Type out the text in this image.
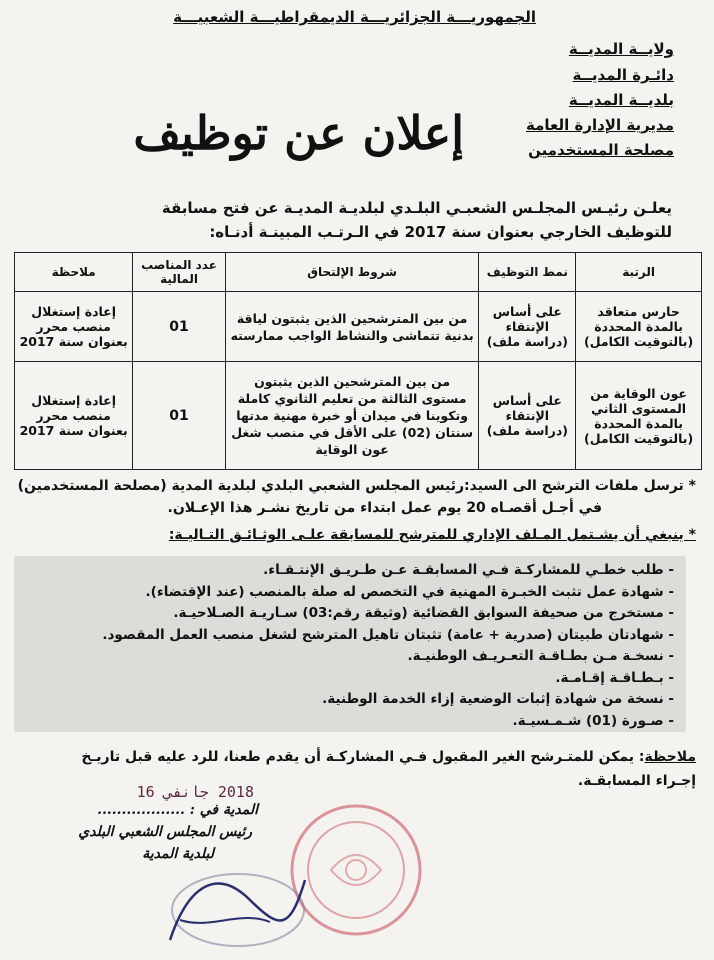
الجمهوريـــة الجزائريـــة الديمقراطيـــة الشعبيـــة
ولايــة المديــة
دائـرة المديــة
بلديــة المديــة
مديرية الإدارة العامة
مصلحة المستخدمين
إعلان عن توظيف
يعلـن رئيـس المجلـس الشعبـي البلـدي لبلديـة المديـة عن فتح مسابقة
للتوظيف الخارجي بعنوان سنة 2017 في الـرتـب المبينـة أدنـاه:
الرتبة	نمط التوظيف	شروط الإلتحاق	عدد المناصب المالية	ملاحظة
حارس متعاقد بالمدة المحددة (بالتوقيت الكامل)	على أساس الإنتقاء (دراسة ملف)	من بين المترشحين الذين يثبتون لياقة بدنية تتماشى والنشاط الواجب ممارسته	01	إعادة إستغلال منصب محرر بعنوان سنة 2017
عون الوقاية من المستوى الثاني بالمدة المحددة (بالتوقيت الكامل)	على أساس الإنتقاء (دراسة ملف)	من بين المترشحين الذين يثبتون مستوى الثالثة من تعليم الثانوي كاملة وتكوينا في ميدان أو خبرة مهنية مدتها سنتان (02) على الأقل في منصب شغل عون الوقاية	01	إعادة إستغلال منصب محرر بعنوان سنة 2017
* ترسل ملفات الترشح الى السيد:رئيس المجلس الشعبي البلدي لبلدية المدية (مصلحة المستخدمين)
في أجـل أقصـاه 20 يوم عمل ابتداء من تاريخ نشـر هذا الإعـلان.
* ينبغي أن يشـتمل المـلف الإداري للمترشح للمسابقة علـى الوثـائـق التـاليـة:
- طلب خطـي للمشاركـة فـي المسابقـة عـن طـريـق الإنتـقـاء.
- شهادة عمل تثبت الخبـرة المهنية في التخصص له صلة بالمنصب (عند الإقتضاء).
- مستخرج من صحيفة السوابق القضائية (وثيقة رقم:03) سـاريـة الصـلاحيـة.
- شهادتان طبيتان (صدرية + عامة) تثبتان تاهيل المترشح لشغل منصب العمل المقصود.
- نسخـة مـن بطـاقـة التعـريـف الوطنيـة.
- بـطـاقـة إقـامـة.
- نسخة من شهادة إثبات الوضعية إزاء الخدمة الوطنية.
- صـورة (01) شـمـسيـة.
ملاحظة: يمكن للمتـرشح الغير المقبول فـي المشاركـة أن يقدم طعنا، للرد عليه قبل تاريـخ
إجـراء المسابقـة.
2018 جانفي 16
المدية في : ..................
رئيس المجلس الشعبي البلدي
لبلدية المدية
